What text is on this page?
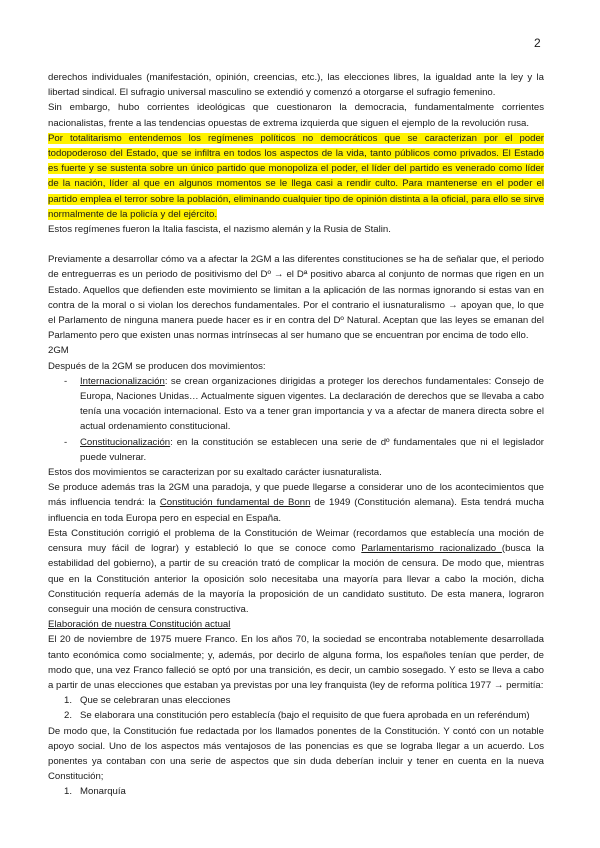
2

derechos individuales (manifestación, opinión, creencias, etc.), las elecciones libres, la igualdad ante la ley y la libertad sindical. El sufragio universal masculino se extendió y comenzó a otorgarse el sufragio femenino.

Sin embargo, hubo corrientes ideológicas que cuestionaron la democracia, fundamentalmente corrientes nacionalistas, frente a las tendencias opuestas de extrema izquierda que siguen el ejemplo de la revolución rusa.

Por totalitarismo entendemos los regímenes políticos no democráticos que se caracterizan por el poder todopoderoso del Estado, que se infiltra en todos los aspectos de la vida, tanto públicos como privados. El Estado es fuerte y se sustenta sobre un único partido que monopoliza el poder, el líder del partido es venerado como líder de la nación, líder al que en algunos momentos se le llega casi a rendir culto. Para mantenerse en el poder el partido emplea el terror sobre la población, eliminando cualquier tipo de opinión distinta a la oficial, para ello se sirve normalmente de la policía y del ejército.

Estos regímenes fueron la Italia fascista, el nazismo alemán y la Rusia de Stalin.

Previamente a desarrollar cómo va a afectar la 2GM a las diferentes constituciones se ha de señalar que, el periodo de entreguerras es un periodo de positivismo del Dº → el Dª positivo abarca al conjunto de normas que rigen en un Estado. Aquellos que defienden este movimiento se limitan a la aplicación de las normas ignorando si estas van en contra de la moral o si violan los derechos fundamentales. Por el contrario el iusnaturalismo → apoyan que, lo que el Parlamento de ninguna manera puede hacer es ir en contra del Dº Natural. Aceptan que las leyes se emanan del Parlamento pero que existen unas normas intrínsecas al ser humano que se encuentran por encima de todo ello.

2GM

Después de la 2GM se producen dos movimientos:

- Internacionalización: se crean organizaciones dirigidas a proteger los derechos fundamentales: Consejo de Europa, Naciones Unidas… Actualmente siguen vigentes. La declaración de derechos que se llevaba a cabo tenía una vocación internacional. Esto va a tener gran importancia y va a afectar de manera directa sobre el actual ordenamiento constitucional.
- Constitucionalización: en la constitución se establecen una serie de dº fundamentales que ni el legislador puede vulnerar.

Estos dos movimientos se caracterizan por su exaltado carácter iusnaturalista.

Se produce además tras la 2GM una paradoja, y que puede llegarse a considerar uno de los acontecimientos que más influencia tendrá: la Constitución fundamental de Bonn de 1949 (Constitución alemana). Esta tendrá mucha influencia en toda Europa pero en especial en España.

Esta Constitución corrigió el problema de la Constitución de Weimar (recordamos que establecía una moción de censura muy fácil de lograr) y estableció lo que se conoce como Parlamentarismo racionalizado (busca la estabilidad del gobierno), a partir de su creación trató de complicar la moción de censura. De modo que, mientras que en la Constitución anterior la oposición solo necesitaba una mayoría para llevar a cabo la moción, dicha Constitución requería además de la mayoría la proposición de un candidato sustituto. De esta manera, lograron conseguir una moción de censura constructiva.

Elaboración de nuestra Constitución actual

El 20 de noviembre de 1975 muere Franco. En los años 70, la sociedad se encontraba notablemente desarrollada tanto económica como socialmente; y, además, por decirlo de alguna forma, los españoles tenían que perder, de modo que, una vez Franco falleció se optó por una transición, es decir, un cambio sosegado. Y esto se lleva a cabo a partir de unas elecciones que estaban ya previstas por una ley franquista (ley de reforma política 1977 → permitía:

1. Que se celebraran unas elecciones
2. Se elaborara una constitución pero establecía (bajo el requisito de que fuera aprobada en un referéndum)

De modo que, la Constitución fue redactada por los llamados ponentes de la Constitución. Y contó con un notable apoyo social. Uno de los aspectos más ventajosos de las ponencias es que se lograba llegar a un acuerdo. Los ponentes ya contaban con una serie de aspectos que sin duda deberían incluir y tener en cuenta en la nueva Constitución;

1. Monarquía
